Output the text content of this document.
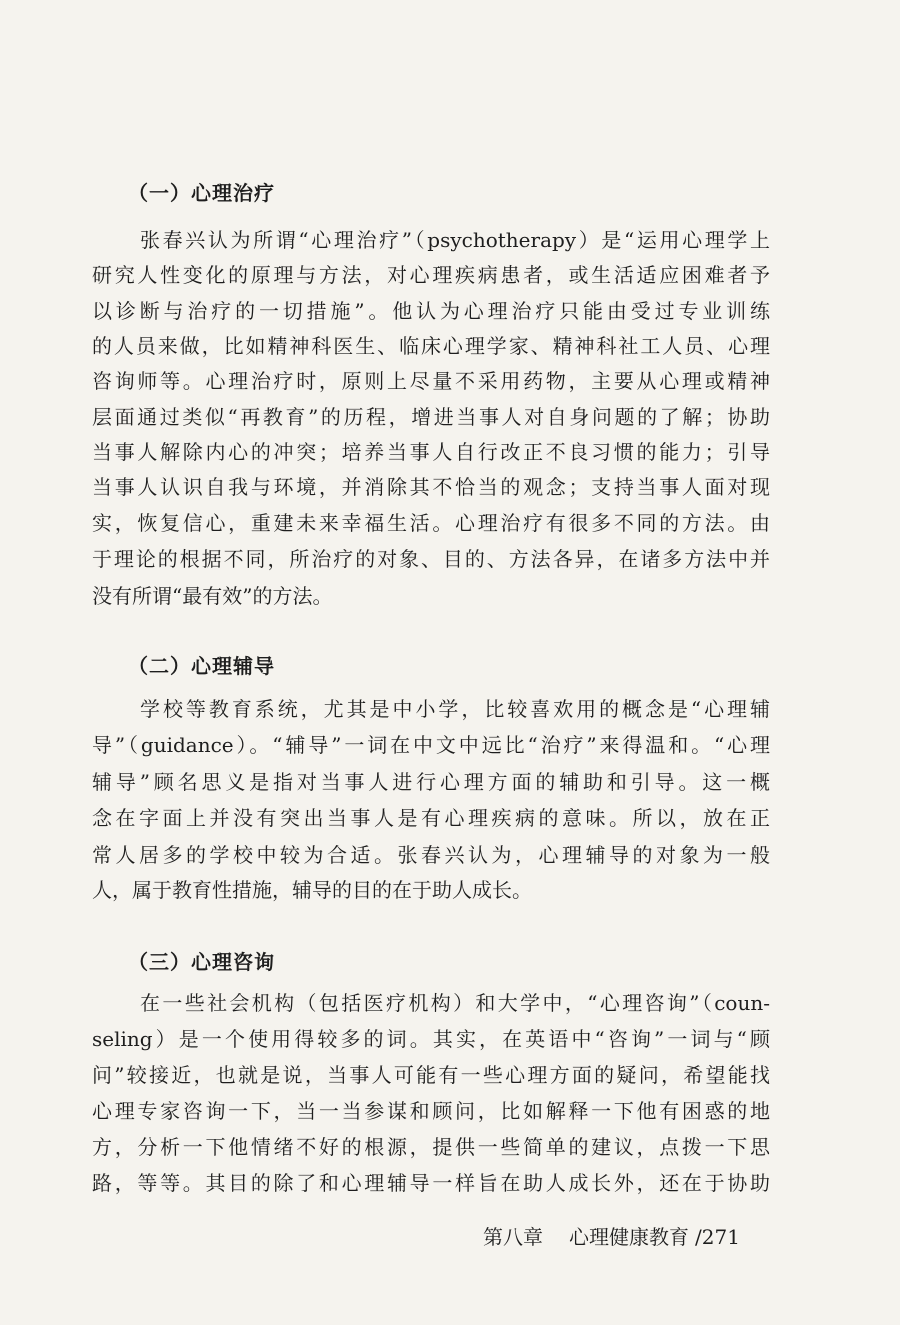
（一）心理治疗
张春兴认为所谓“心理治疗”（psychotherapy）是“运用心理学上
研究人性变化的原理与方法，对心理疾病患者，或生活适应困难者予
以诊断与治疗的一切措施”。他认为心理治疗只能由受过专业训练
的人员来做，比如精神科医生、临床心理学家、精神科社工人员、心理
咨询师等。心理治疗时，原则上尽量不采用药物，主要从心理或精神
层面通过类似“再教育”的历程，增进当事人对自身问题的了解；协助
当事人解除内心的冲突；培养当事人自行改正不良习惯的能力；引导
当事人认识自我与环境，并消除其不恰当的观念；支持当事人面对现
实，恢复信心，重建未来幸福生活。心理治疗有很多不同的方法。由
于理论的根据不同，所治疗的对象、目的、方法各异，在诸多方法中并
没有所谓“最有效”的方法。
（二）心理辅导
学校等教育系统，尤其是中小学，比较喜欢用的概念是“心理辅
导”（guidance）。“辅导”一词在中文中远比“治疗”来得温和。“心理
辅导”顾名思义是指对当事人进行心理方面的辅助和引导。这一概
念在字面上并没有突出当事人是有心理疾病的意味。所以，放在正
常人居多的学校中较为合适。张春兴认为，心理辅导的对象为一般
人，属于教育性措施，辅导的目的在于助人成长。
（三）心理咨询
在一些社会机构（包括医疗机构）和大学中，“心理咨询”（coun-
seling）是一个使用得较多的词。其实，在英语中“咨询”一词与“顾
问”较接近，也就是说，当事人可能有一些心理方面的疑问，希望能找
心理专家咨询一下，当一当参谋和顾问，比如解释一下他有困惑的地
方，分析一下他情绪不好的根源，提供一些简单的建议，点拨一下思
路，等等。其目的除了和心理辅导一样旨在助人成长外，还在于协助
第八章 心理健康教育 /271
